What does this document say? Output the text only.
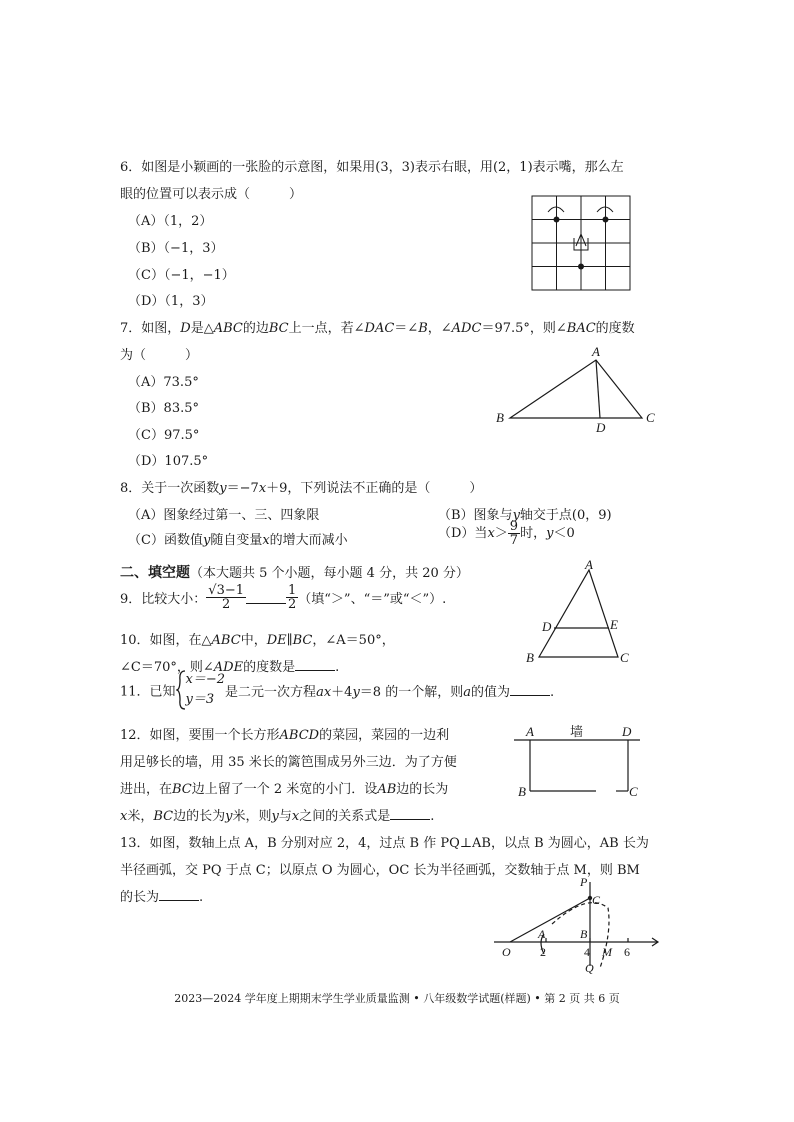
6．如图是小颖画的一张脸的示意图，如果用(3，3)表示右眼，用(2，1)表示嘴，那么左
眼的位置可以表示成（　　　）
（A）（1，2）
（B）（−1，3）
（C）（−1，−1）
（D）（1，3）
7．如图，D是△ABC的边BC上一点，若∠DAC＝∠B，∠ADC＝97.5°，则∠BAC的度数
为（　　　）
（A）73.5°
（B）83.5°
（C）97.5°
（D）107.5°
A
B	C
D
8．关于一次函数y＝−7x＋9，下列说法不正确的是（　　　）
（A）图象经过第一、三、四象限	（B）图象与y轴交于点(0，9)
（C）函数值y随自变量x的增大而减小	（D）当$x> \frac{9}{7}$ 时，y＜0
二、填空题（本大题共 5 个小题，每小题 4 分，共 20 分）
9．比较大小： $\frac{√3-1}{2}$	$\frac{1}{2}$ （填“＞”、“＝”或“＜”）.
A
D	E
B	C
10．如图，在△ABC中，DE∥BC，∠A＝50°，
∠C＝70°，则∠ADE的度数是	.
11．已知
x＝−2
y＝3 是二元一次方程ax＋4y＝8 的一个解，则a的值为	.
12．如图，要围一个长方形ABCD的菜园，菜园的一边利
用足够长的墙，用 35 米长的篱笆围成另外三边．为了方便
进出，在BC边上留了一个 2 米宽的小门．设AB边的长为
x米，BC边的长为y米，则y与x之间的关系式是	.
A	墙	D
B	C
13．如图，数轴上点 A，B 分别对应 2，4，过点 B 作 PQ⊥AB，以点 B 为圆心，AB 长为
半径画弧，交 PQ 于点 C；以原点 O 为圆心，OC 长为半径画弧，交数轴于点 M，则 BM
的长为	.
P
C
A	B
O 2	4 M 6
Q
2023—2024 学年度上期期末学生学业质量监测 • 八年级数学试题(样题) • 第 2 页 共 6 页
